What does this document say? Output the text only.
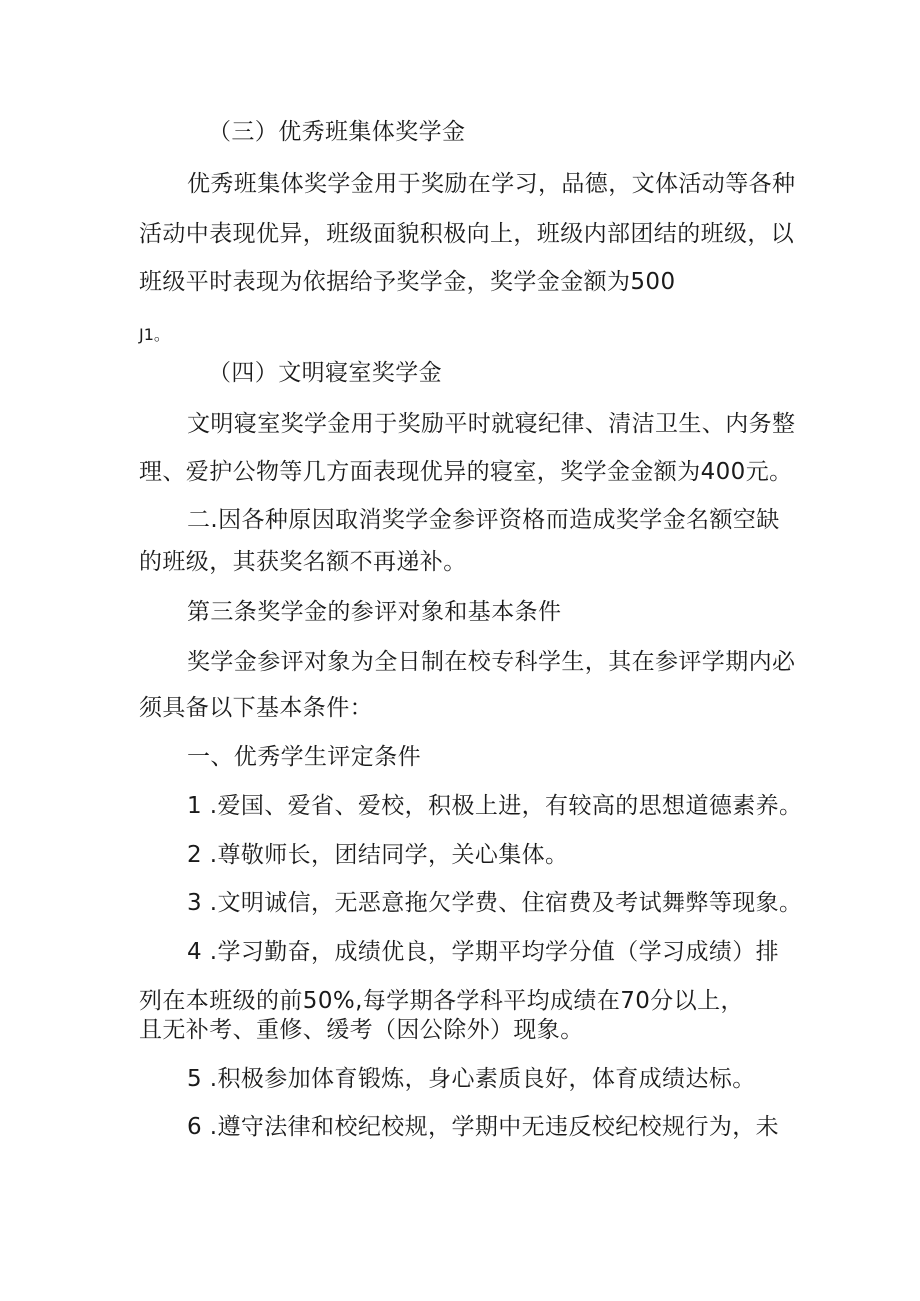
（三）优秀班集体奖学金
优秀班集体奖学金用于奖励在学习，品德，文体活动等各种
活动中表现优异，班级面貌积极向上，班级内部团结的班级，以
班级平时表现为依据给予奖学金，奖学金金额为500
J1。
（四）文明寝室奖学金
文明寝室奖学金用于奖励平时就寝纪律、清洁卫生、内务整
理、爱护公物等几方面表现优异的寝室，奖学金金额为400元。
二.因各种原因取消奖学金参评资格而造成奖学金名额空缺
的班级，其获奖名额不再递补。
第三条奖学金的参评对象和基本条件
奖学金参评对象为全日制在校专科学生，其在参评学期内必
须具备以下基本条件：
一、优秀学生评定条件
1 .爱国、爱省、爱校，积极上进，有较高的思想道德素养。
2 .尊敬师长，团结同学，关心集体。
3 .文明诚信，无恶意拖欠学费、住宿费及考试舞弊等现象。
4 .学习勤奋，成绩优良，学期平均学分值（学习成绩）排
列在本班级的前50%,每学期各学科平均成绩在70分以上，
且无补考、重修、缓考（因公除外）现象。
5 .积极参加体育锻炼，身心素质良好，体育成绩达标。
6 .遵守法律和校纪校规，学期中无违反校纪校规行为，未
